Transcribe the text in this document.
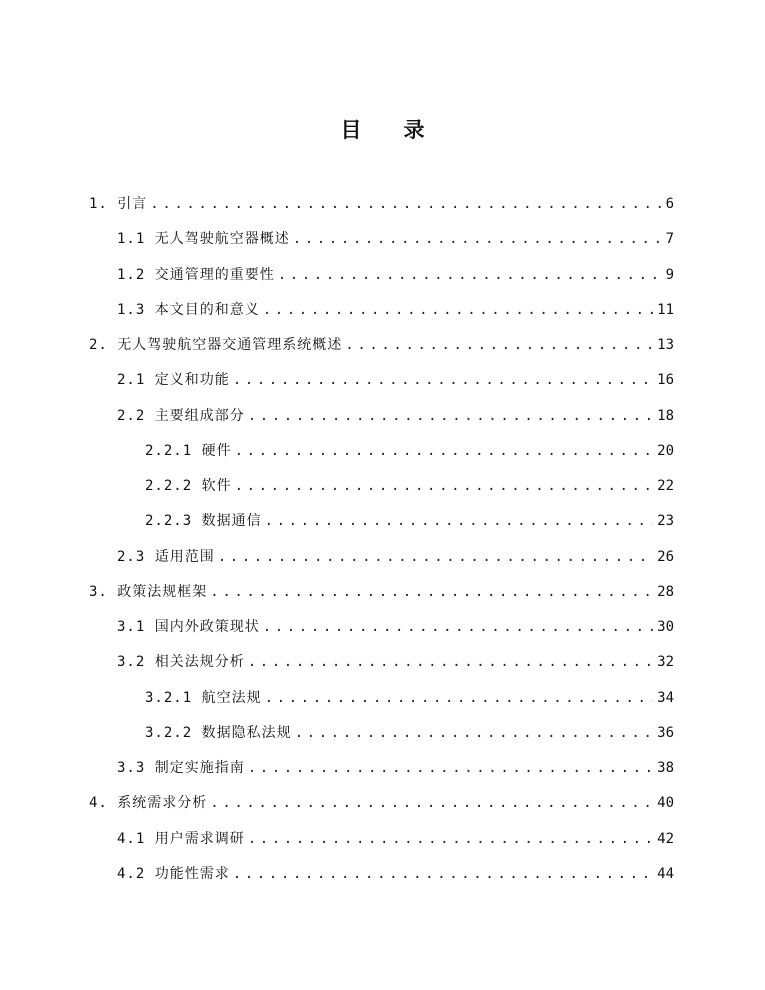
目 录
1. 引言 .....	6
1.1 无人驾驶航空器概述 .....	7
1.2 交通管理的重要性 .....	9
1.3 本文目的和意义 .....	11
2. 无人驾驶航空器交通管理系统概述 .....	13
2.1 定义和功能 .....	16
2.2 主要组成部分 .....	18
2.2.1 硬件 .....	20
2.2.2 软件 .....	22
2.2.3 数据通信 .....	23
2.3 适用范围 .....	26
3. 政策法规框架 .....	28
3.1 国内外政策现状 .....	30
3.2 相关法规分析 .....	32
3.2.1 航空法规 .....	34
3.2.2 数据隐私法规 .....	36
3.3 制定实施指南 .....	38
4. 系统需求分析 .....	40
4.1 用户需求调研 .....	42
4.2 功能性需求 .....	44
